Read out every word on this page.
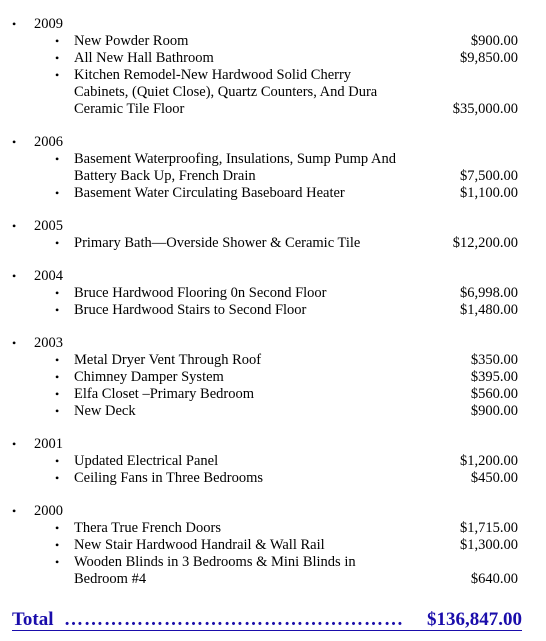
• 2009
• New Powder Room	$900.00
• All New Hall Bathroom	$9,850.00
• Kitchen Remodel-New Hardwood Solid Cherry Cabinets, (Quiet Close), Quartz Counters, And Dura Ceramic Tile Floor	$35,000.00
• 2006
• Basement Waterproofing, Insulations, Sump Pump And Battery Back Up, French Drain	$7,500.00
• Basement Water Circulating Baseboard Heater	$1,100.00
• 2005
• Primary Bath—Overside Shower & Ceramic Tile	$12,200.00
• 2004
• Bruce Hardwood Flooring 0n Second Floor	$6,998.00
• Bruce Hardwood Stairs to Second Floor	$1,480.00
• 2003
• Metal Dryer Vent Through Roof	$350.00
• Chimney Damper System	$395.00
• Elfa Closet –Primary Bedroom	$560.00
• New Deck	$900.00
• 2001
• Updated Electrical Panel	$1,200.00
• Ceiling Fans in Three Bedrooms	$450.00
• 2000
• Thera True French Doors	$1,715.00
• New Stair Hardwood Handrail & Wall Rail	$1,300.00
• Wooden Blinds in 3 Bedrooms & Mini Blinds in Bedroom #4	$640.00
Total ……………………………………………	$136,847.00
